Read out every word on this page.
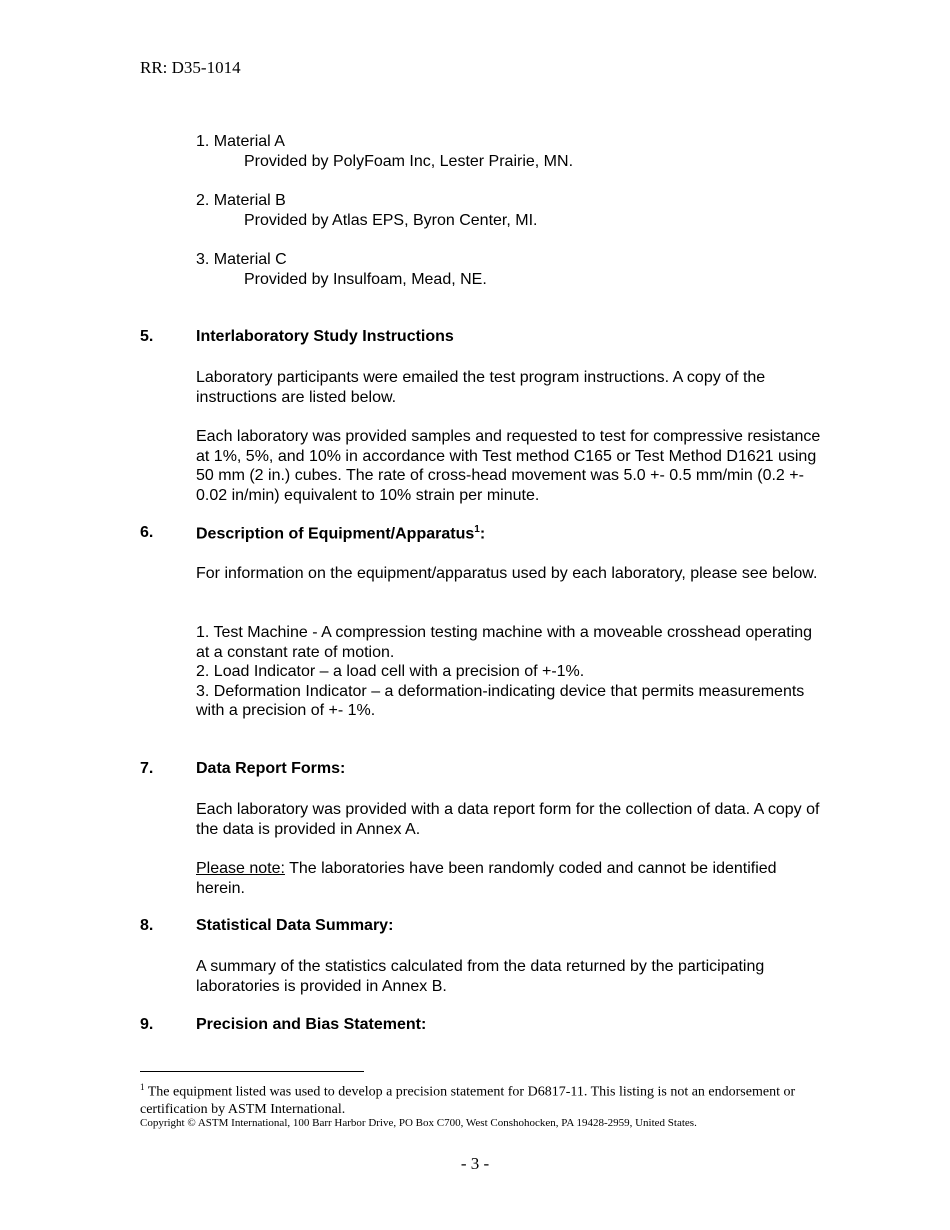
RR: D35-1014
1. Material A
Provided by PolyFoam Inc, Lester Prairie, MN.
2. Material B
Provided by Atlas EPS, Byron Center, MI.
3. Material C
Provided by Insulfoam, Mead, NE.
5.	Interlaboratory Study Instructions
Laboratory participants were emailed the test program instructions. A copy of the instructions are listed below.
Each laboratory was provided samples and requested to test for compressive resistance at 1%, 5%, and 10% in accordance with Test method C165 or Test Method D1621 using 50 mm (2 in.) cubes. The rate of cross-head movement was 5.0 +- 0.5 mm/min (0.2 +- 0.02 in/min) equivalent to 10% strain per minute.
6.	Description of Equipment/Apparatus$^1$:
For information on the equipment/apparatus used by each laboratory, please see below.
1. Test Machine - A compression testing machine with a moveable crosshead operating at a constant rate of motion.
2. Load Indicator – a load cell with a precision of +-1%.
3. Deformation Indicator – a deformation-indicating device that permits measurements with a precision of +- 1%.
7.	Data Report Forms:
Each laboratory was provided with a data report form for the collection of data. A copy of the data is provided in Annex A.
Please note: The laboratories have been randomly coded and cannot be identified herein.
8.	Statistical Data Summary:
A summary of the statistics calculated from the data returned by the participating laboratories is provided in Annex B.
9.	Precision and Bias Statement:
$^1$ The equipment listed was used to develop a precision statement for D6817-11. This listing is not an endorsement or certification by ASTM International.
Copyright © ASTM International, 100 Barr Harbor Drive, PO Box C700, West Conshohocken, PA 19428-2959, United States.
- 3 -
